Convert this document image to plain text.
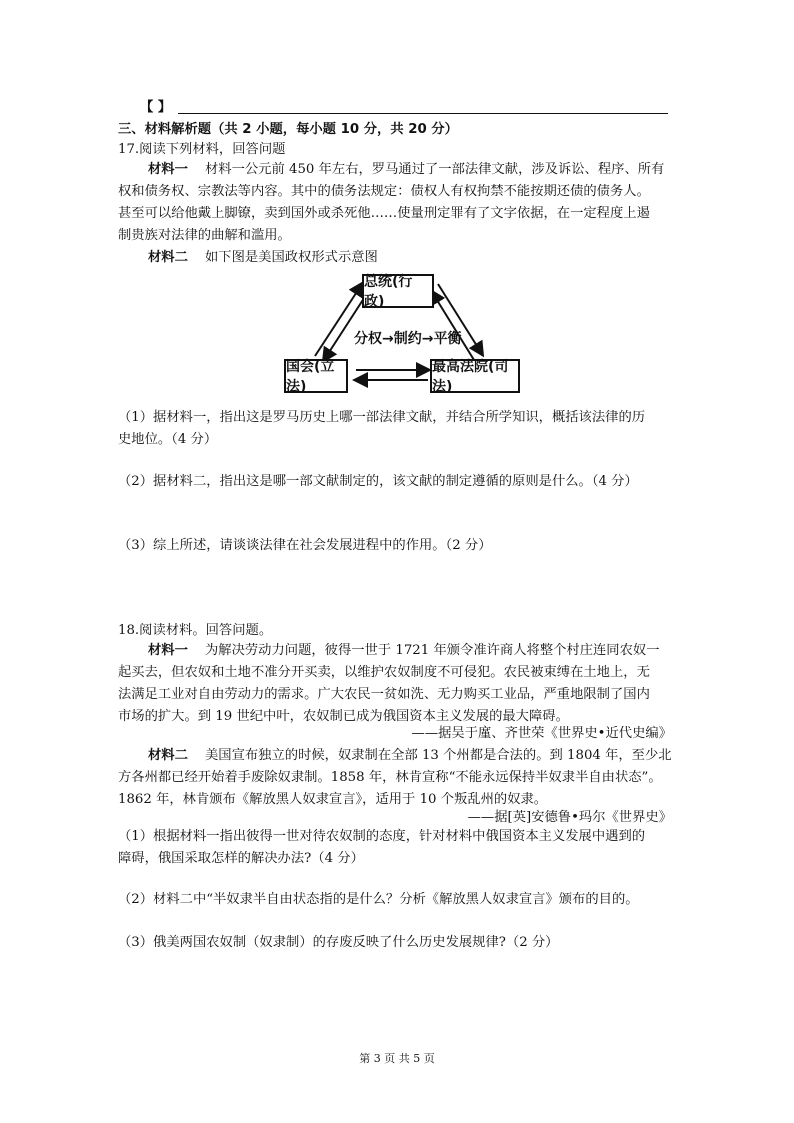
【 】
三、材料解析题（共 2 小题，每小题 10 分，共 20 分）
17.阅读下列材料，回答问题
材料一 材料一公元前 450 年左右，罗马通过了一部法律文献，涉及诉讼、程序、所有
权和债务权、宗教法等内容。其中的债务法规定：债权人有权拘禁不能按期还债的债务人。
甚至可以给他戴上脚镣，卖到国外或杀死他……使量刑定罪有了文字依据，在一定程度上遏
制贵族对法律的曲解和滥用。
材料二 如下图是美国政权形式示意图
总统(行政)
国会(立法)
最高法院(司法)
分权→制约→平衡
（1）据材料一，指出这是罗马历史上哪一部法律文献，并结合所学知识，概括该法律的历
史地位。（4 分）
（2）据材料二，指出这是哪一部文献制定的，该文献的制定遵循的原则是什么。（4 分）
（3）综上所述，请谈谈法律在社会发展进程中的作用。（2 分）
18.阅读材料。回答问题。
材料一 为解决劳动力问题，彼得一世于 1721 年颁令准许商人将整个村庄连同农奴一
起买去，但农奴和土地不准分开买卖，以维护农奴制度不可侵犯。农民被束缚在土地上，无
法满足工业对自由劳动力的需求。广大农民一贫如洗、无力购买工业品，严重地限制了国内
市场的扩大。到 19 世纪中叶，农奴制已成为俄国资本主义发展的最大障碍。
——据吴于廑、齐世荣《世界史•近代史编》
材料二 美国宣布独立的时候，奴隶制在全部 13 个州都是合法的。到 1804 年，至少北
方各州都已经开始着手废除奴隶制。1858 年，林肯宣称“不能永远保持半奴隶半自由状态”。
1862 年，林肯颁布《解放黑人奴隶宣言》，适用于 10 个叛乱州的奴隶。
——据[英]安德鲁•玛尔《世界史》
（1）根据材料一指出彼得一世对待农奴制的态度，针对材料中俄国资本主义发展中遇到的
障碍，俄国采取怎样的解决办法?（4 分）
（2）材料二中“半奴隶半自由状态指的是什么？分析《解放黑人奴隶宣言》颁布的目的。
（3）俄美两国农奴制（奴隶制）的存废反映了什么历史发展规律?（2 分）
第 3 页 共 5 页
